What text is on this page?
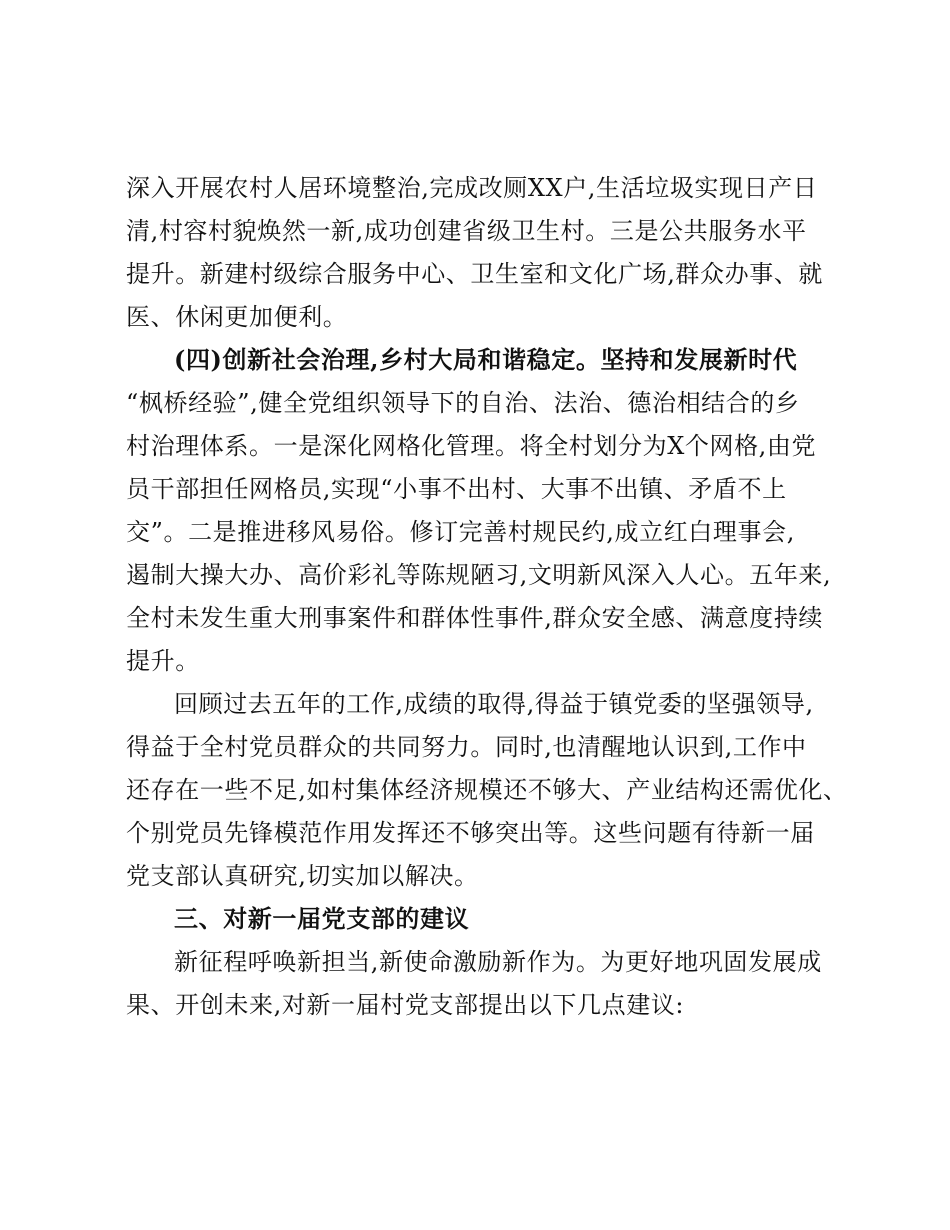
深入开展农村人居环境整治,完成改厕XX户,生活垃圾实现日产日
清,村容村貌焕然一新,成功创建省级卫生村。三是公共服务水平
提升。新建村级综合服务中心、卫生室和文化广场,群众办事、就
医、休闲更加便利。
(四)创新社会治理,乡村大局和谐稳定。坚持和发展新时代
“枫桥经验”,健全党组织领导下的自治、法治、德治相结合的乡
村治理体系。一是深化网格化管理。将全村划分为X个网格,由党
员干部担任网格员,实现“小事不出村、大事不出镇、矛盾不上
交”。二是推进移风易俗。修订完善村规民约,成立红白理事会,
遏制大操大办、高价彩礼等陈规陋习,文明新风深入人心。五年来,
全村未发生重大刑事案件和群体性事件,群众安全感、满意度持续
提升。
回顾过去五年的工作,成绩的取得,得益于镇党委的坚强领导,
得益于全村党员群众的共同努力。同时,也清醒地认识到,工作中
还存在一些不足,如村集体经济规模还不够大、产业结构还需优化、
个别党员先锋模范作用发挥还不够突出等。这些问题有待新一届
党支部认真研究,切实加以解决。
三、对新一届党支部的建议
新征程呼唤新担当,新使命激励新作为。为更好地巩固发展成
果、开创未来,对新一届村党支部提出以下几点建议:
